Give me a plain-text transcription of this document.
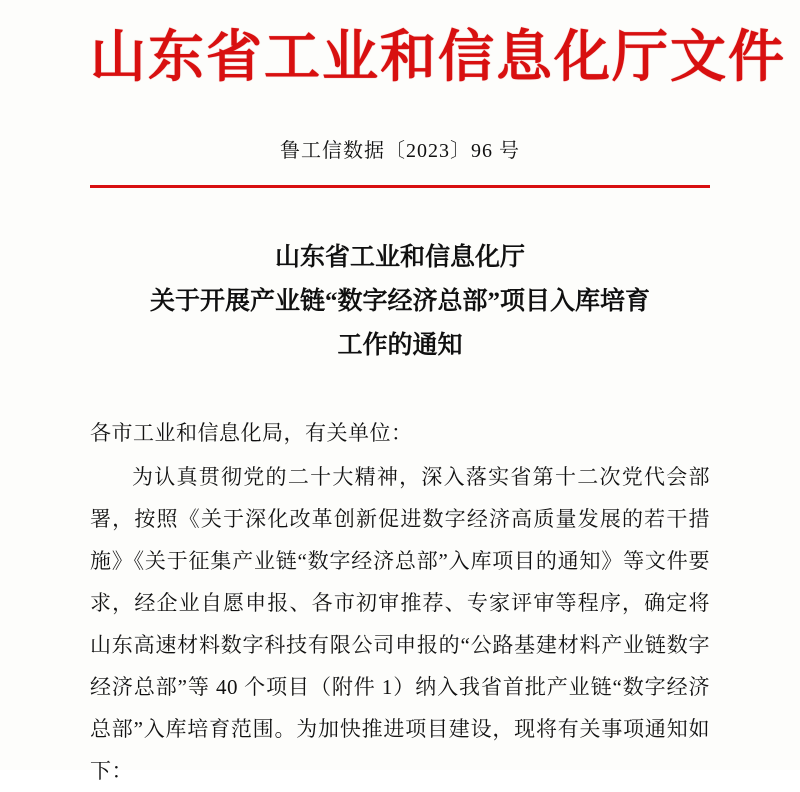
山东省工业和信息化厅文件
鲁工信数据〔2023〕96 号
山东省工业和信息化厅
关于开展产业链“数字经济总部”项目入库培育
工作的通知

各市工业和信息化局，有关单位：

为认真贯彻党的二十大精神，深入落实省第十二次党代会部署，按照《关于深化改革创新促进数字经济高质量发展的若干措施》《关于征集产业链“数字经济总部”入库项目的通知》等文件要求，经企业自愿申报、各市初审推荐、专家评审等程序，确定将山东高速材料数字科技有限公司申报的“公路基建材料产业链数字经济总部”等 40 个项目（附件 1）纳入我省首批产业链“数字经济总部”入库培育范围。为加快推进项目建设，现将有关事项通知如下：
